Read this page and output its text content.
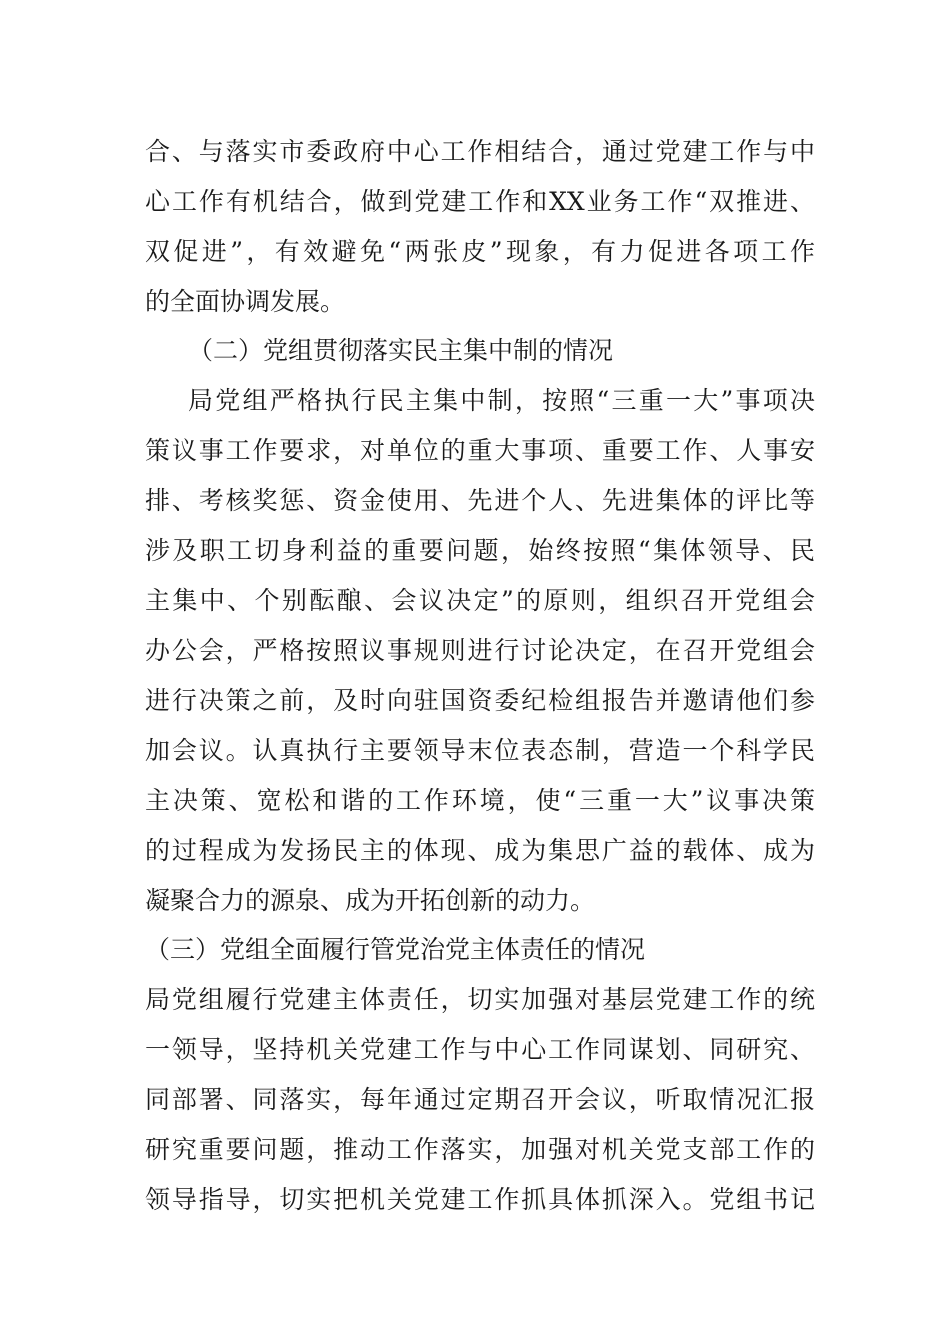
合、与落实市委政府中心工作相结合，通过党建工作与中
心工作有机结合，做到党建工作和XX业务工作“双推进、
双促进”，有效避免“两张皮”现象，有力促进各项工作
的全面协调发展。
（二）党组贯彻落实民主集中制的情况
局党组严格执行民主集中制，按照“三重一大”事项决
策议事工作要求，对单位的重大事项、重要工作、人事安
排、考核奖惩、资金使用、先进个人、先进集体的评比等
涉及职工切身利益的重要问题，始终按照“集体领导、民
主集中、个别酝酿、会议决定”的原则，组织召开党组会
办公会，严格按照议事规则进行讨论决定，在召开党组会
进行决策之前，及时向驻国资委纪检组报告并邀请他们参
加会议。认真执行主要领导末位表态制，营造一个科学民
主决策、宽松和谐的工作环境，使“三重一大”议事决策
的过程成为发扬民主的体现、成为集思广益的载体、成为
凝聚合力的源泉、成为开拓创新的动力。
（三）党组全面履行管党治党主体责任的情况
局党组履行党建主体责任，切实加强对基层党建工作的统
一领导，坚持机关党建工作与中心工作同谋划、同研究、
同部署、同落实，每年通过定期召开会议，听取情况汇报
研究重要问题，推动工作落实，加强对机关党支部工作的
领导指导，切实把机关党建工作抓具体抓深入。党组书记
